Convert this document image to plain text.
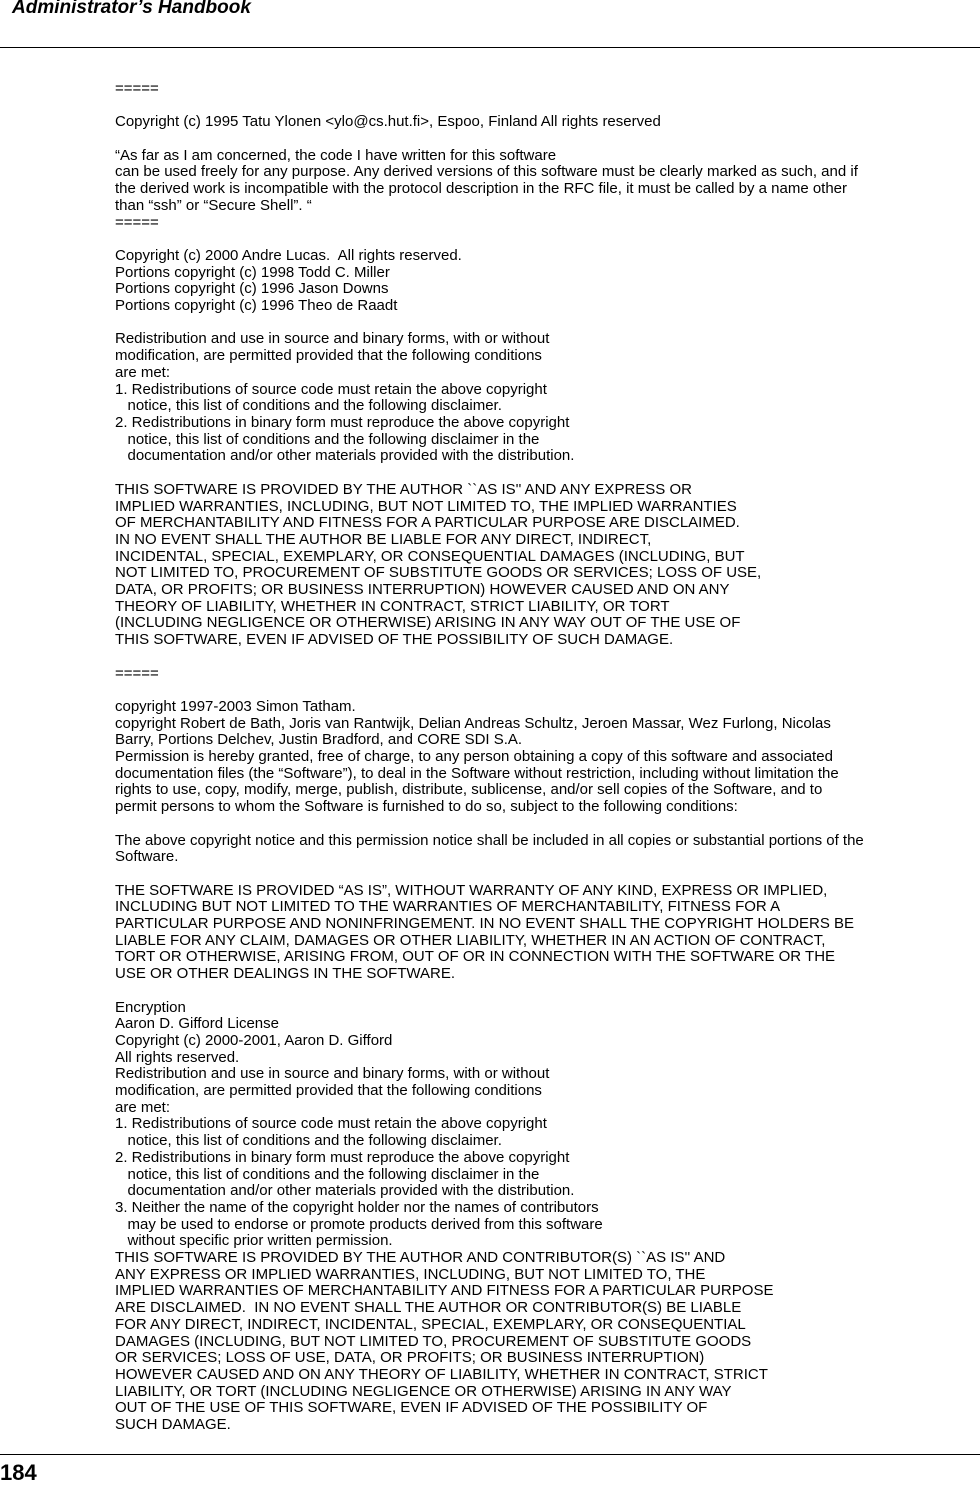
Administrator’s Handbook
=====
Copyright (c) 1995 Tatu Ylonen <ylo@cs.hut.fi>, Espoo, Finland All rights reserved
“As far as I am concerned, the code I have written for this software
can be used freely for any purpose. Any derived versions of this software must be clearly marked as such, and if
the derived work is incompatible with the protocol description in the RFC file, it must be called by a name other
than “ssh” or “Secure Shell”. “
=====
Copyright (c) 2000 Andre Lucas.  All rights reserved.
Portions copyright (c) 1998 Todd C. Miller
Portions copyright (c) 1996 Jason Downs
Portions copyright (c) 1996 Theo de Raadt
Redistribution and use in source and binary forms, with or without
modification, are permitted provided that the following conditions
are met:
1. Redistributions of source code must retain the above copyright
notice, this list of conditions and the following disclaimer.
2. Redistributions in binary form must reproduce the above copyright
notice, this list of conditions and the following disclaimer in the
documentation and/or other materials provided with the distribution.
THIS SOFTWARE IS PROVIDED BY THE AUTHOR ``AS IS'' AND ANY EXPRESS OR
IMPLIED WARRANTIES, INCLUDING, BUT NOT LIMITED TO, THE IMPLIED WARRANTIES
OF MERCHANTABILITY AND FITNESS FOR A PARTICULAR PURPOSE ARE DISCLAIMED.
IN NO EVENT SHALL THE AUTHOR BE LIABLE FOR ANY DIRECT, INDIRECT,
INCIDENTAL, SPECIAL, EXEMPLARY, OR CONSEQUENTIAL DAMAGES (INCLUDING, BUT
NOT LIMITED TO, PROCUREMENT OF SUBSTITUTE GOODS OR SERVICES; LOSS OF USE,
DATA, OR PROFITS; OR BUSINESS INTERRUPTION) HOWEVER CAUSED AND ON ANY
THEORY OF LIABILITY, WHETHER IN CONTRACT, STRICT LIABILITY, OR TORT
(INCLUDING NEGLIGENCE OR OTHERWISE) ARISING IN ANY WAY OUT OF THE USE OF
THIS SOFTWARE, EVEN IF ADVISED OF THE POSSIBILITY OF SUCH DAMAGE.
=====
copyright 1997-2003 Simon Tatham.
copyright Robert de Bath, Joris van Rantwijk, Delian Andreas Schultz, Jeroen Massar, Wez Furlong, Nicolas
Barry, Portions Delchev, Justin Bradford, and CORE SDI S.A.
Permission is hereby granted, free of charge, to any person obtaining a copy of this software and associated
documentation files (the “Software”), to deal in the Software without restriction, including without limitation the
rights to use, copy, modify, merge, publish, distribute, sublicense, and/or sell copies of the Software, and to
permit persons to whom the Software is furnished to do so, subject to the following conditions:
The above copyright notice and this permission notice shall be included in all copies or substantial portions of the
Software.
THE SOFTWARE IS PROVIDED “AS IS”, WITHOUT WARRANTY OF ANY KIND, EXPRESS OR IMPLIED,
INCLUDING BUT NOT LIMITED TO THE WARRANTIES OF MERCHANTABILITY, FITNESS FOR A
PARTICULAR PURPOSE AND NONINFRINGEMENT. IN NO EVENT SHALL THE COPYRIGHT HOLDERS BE
LIABLE FOR ANY CLAIM, DAMAGES OR OTHER LIABILITY, WHETHER IN AN ACTION OF CONTRACT,
TORT OR OTHERWISE, ARISING FROM, OUT OF OR IN CONNECTION WITH THE SOFTWARE OR THE
USE OR OTHER DEALINGS IN THE SOFTWARE.
Encryption
Aaron D. Gifford License
Copyright (c) 2000-2001, Aaron D. Gifford
All rights reserved.
Redistribution and use in source and binary forms, with or without
modification, are permitted provided that the following conditions
are met:
1. Redistributions of source code must retain the above copyright
notice, this list of conditions and the following disclaimer.
2. Redistributions in binary form must reproduce the above copyright
notice, this list of conditions and the following disclaimer in the
documentation and/or other materials provided with the distribution.
3. Neither the name of the copyright holder nor the names of contributors
may be used to endorse or promote products derived from this software
without specific prior written permission.
THIS SOFTWARE IS PROVIDED BY THE AUTHOR AND CONTRIBUTOR(S) ``AS IS'' AND
ANY EXPRESS OR IMPLIED WARRANTIES, INCLUDING, BUT NOT LIMITED TO, THE
IMPLIED WARRANTIES OF MERCHANTABILITY AND FITNESS FOR A PARTICULAR PURPOSE
ARE DISCLAIMED.  IN NO EVENT SHALL THE AUTHOR OR CONTRIBUTOR(S) BE LIABLE
FOR ANY DIRECT, INDIRECT, INCIDENTAL, SPECIAL, EXEMPLARY, OR CONSEQUENTIAL
DAMAGES (INCLUDING, BUT NOT LIMITED TO, PROCUREMENT OF SUBSTITUTE GOODS
OR SERVICES; LOSS OF USE, DATA, OR PROFITS; OR BUSINESS INTERRUPTION)
HOWEVER CAUSED AND ON ANY THEORY OF LIABILITY, WHETHER IN CONTRACT, STRICT
LIABILITY, OR TORT (INCLUDING NEGLIGENCE OR OTHERWISE) ARISING IN ANY WAY
OUT OF THE USE OF THIS SOFTWARE, EVEN IF ADVISED OF THE POSSIBILITY OF
SUCH DAMAGE.
184
